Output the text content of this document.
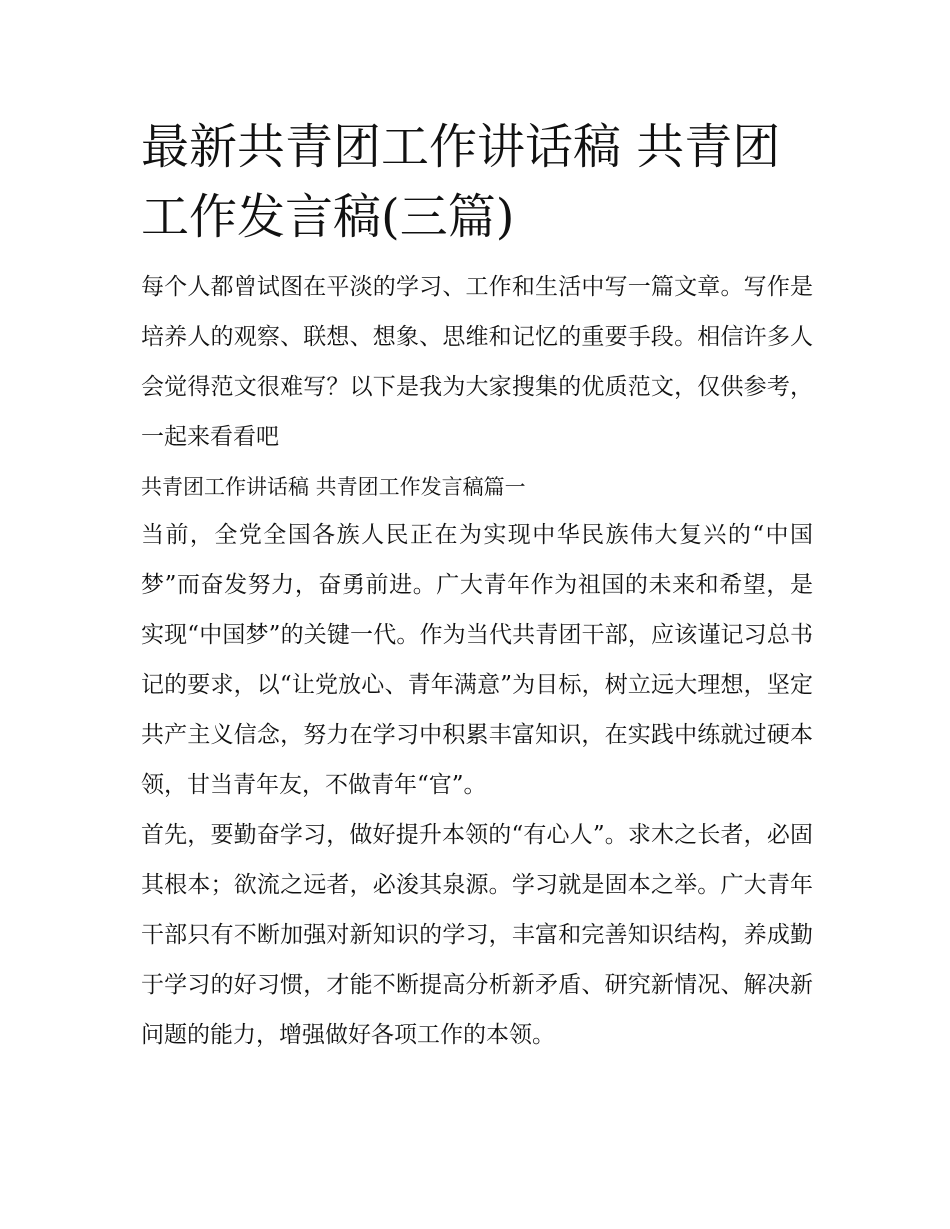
最新共青团工作讲话稿 共青团工作发言稿(三篇)

每个人都曾试图在平淡的学习、工作和生活中写一篇文章。写作是培养人的观察、联想、想象、思维和记忆的重要手段。相信许多人会觉得范文很难写？以下是我为大家搜集的优质范文，仅供参考，一起来看看吧

共青团工作讲话稿 共青团工作发言稿篇一

当前，全党全国各族人民正在为实现中华民族伟大复兴的“中国梦”而奋发努力，奋勇前进。广大青年作为祖国的未来和希望，是实现“中国梦”的关键一代。作为当代共青团干部，应该谨记习总书记的要求，以“让党放心、青年满意”为目标，树立远大理想，坚定共产主义信念，努力在学习中积累丰富知识，在实践中练就过硬本领，甘当青年友，不做青年“官”。

首先，要勤奋学习，做好提升本领的“有心人”。求木之长者，必固其根本；欲流之远者，必浚其泉源。学习就是固本之举。广大青年干部只有不断加强对新知识的学习，丰富和完善知识结构，养成勤于学习的好习惯，才能不断提高分析新矛盾、研究新情况、解决新问题的能力，增强做好各项工作的本领。
